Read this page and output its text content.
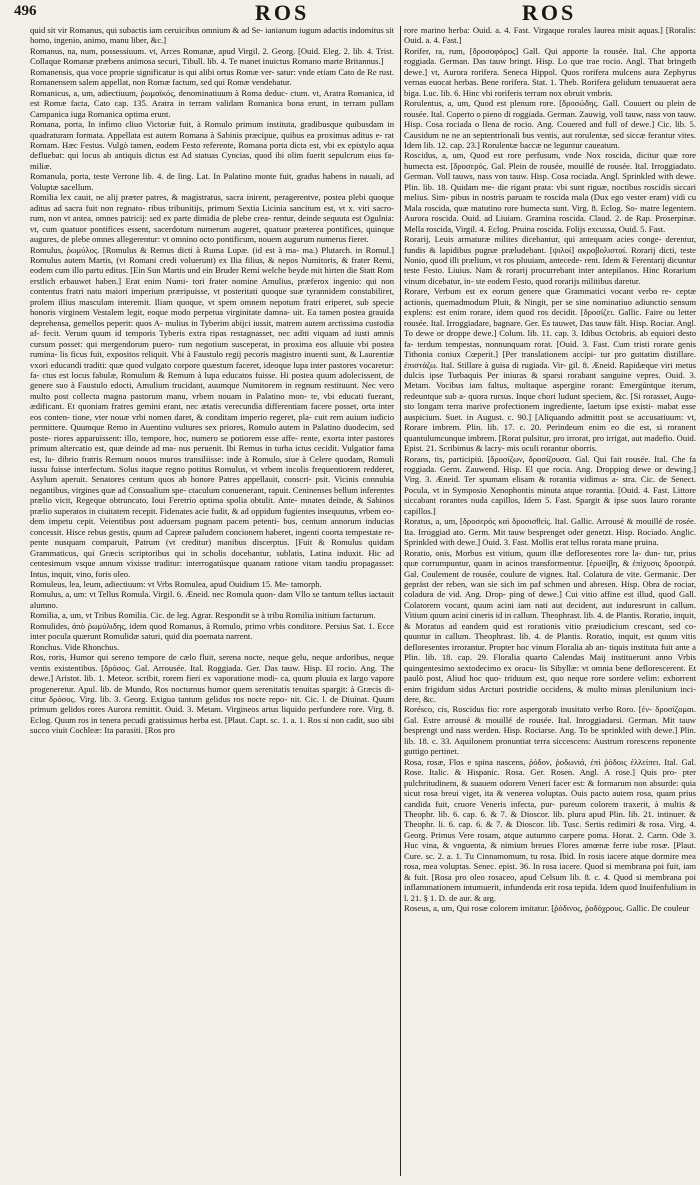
496	ROS	ROS

quid sit vir Romanus, qui subactis iam ceruicibus omnium & ad Se- ianianum iugum adactis indomitus sit homo, ingenio, animo, manu liber, &c.]

Romanus, na, num, possessiuum. vt, Arces Romanæ, apud Virgil. 2. Georg. [Ouid. Eleg. 2. lib. 4. Trist. Collaque Romanæ præbens animosa securi, Tibull. lib. 4. Te manet inuictus Romano marte Britannus.]

Romanensis, qua voce proprie significatur is qui alibi ortus Romæ ver- satur: vnde etiam Cato de Re rust. Romanensem salem appellat, non Romæ factum, sed qui Romæ vendebatur.

Romanicus, a, um, adiectiuum, ῥωμαϊκός, denominatiuum à Roma deduc- ctum. vt, Aratra Romanica, id est Romæ facta, Cato cap. 135. Aratra in terram validam Romanica bona erunt, in terram pullam Campanica iuga Romanica optima erunt.

Romana, porta, In infimo cliuo Victoriæ fuit, à Romulo primum instituta, gradibusque quibusdam in quadraturam formata. Appellata est autem Romana à Sabinis præcipue, quibus ea proximus aditus e- rat Romam. Hæc Festus. Vulgò tamen, eodem Festo referente, Romana porta dicta est, vbi ex epistylo aqua defluebat: qui locus ab antiquis dictus est Ad statuas Cyncias, quod ibi olim fuerit sepulcrum eius fa- miliæ.

Romanula, porta, teste Verrone lib. 4. de ling. Lat. In Palatino monte fuit, gradus habens in nauali, ad Voluptæ sacellum.

Romilia lex cauit, ne alij præter patres, & magistratus, sacra inirent, peragerentve, postea plebi quoque aditus ad sacra fuit non regnato- ribus tribunitijs, primum Sextia Licinia sancitum est, vt x. viri sacro- rum, non vt antea, omnes patricij: sed ex parte dimidia de plebe crea- rentur, deinde sequuta est Ogulnia: vt, cum quatuor pontifices essent, sacerdotum numerum augeret, quatuor præterea pontifices, quinque augures, de plebe omnes allegerentur: vt omnino octo pontificum, nouem augurum numerus fieret.

Romulus, ῥωμύλος. [Romulus & Remus dicti à Ruma Lupæ. (id est à ma- ma.) Plutarch. in Romul.] Romulus autem Martis, (vt Romani credi voluerunt) ex Ilia filius, & nepos Numitoris, & frater Remi, eodem cum illo partu editus. [Ein Sun Martis und ein Bruder Remi welche beyde mit hirten die Statt Rom erstlich erbauwet haben.] Erat enim Numi- tori frater nomine Amulius, præferox ingenio: qui non contentus fratri natu maiori imperium præripuisse, vt posteritati quoque suæ tyrannidem constabiliret, prolem illius masculam interemit. Iliam quoque, vt spem omnem nepotum fratri eriperet, sub specie honoris virginem Vestalem legit, eoque modo perpetua virginitate damna- uit. Ea tamen postea grauida deprehensa, gemellos peperit: quos A- mulius in Tyberim abijci iussit, matrem autem arctissima custodia af- fecit. Verum quum id temporis Tyberis extra ripas restagnasset, nec aditi viquam ad iusti amnis cursum posset: qui mergendorum puero- rum negotium susceperat, in proxima eos alluuie vbi postea rumina- lis ficus fuit, expositos reliquit. Vbi à Faustulo regij pecoris magistro inuenti sunt, & Laurentiæ vxori educandi traditi: quæ quod vulgato corpore quæstum faceret, ideoque lupa inter pastores vocaretur: fa- ctus est locus fabulæ, Romulum & Remum à lupa educatos fuisse. Hi postea quum adolecissent, de genere suo à Faustulo edocti, Amulium trucidant, auumque Numitorem in regnum restituunt. Nec vero multo post collecta magna pastorum manu, vrbem nouam in Palatino mon- te, vbi educati fuerant, ædificant. Et quoniam fratres gemini erant, nec ætatis verecundia differentiam facere posset, orta inter eos conten- tione, vter nouæ vrbi nomen daret, & conditam imperio regeret, pla- cuit rem auium iudicio permittere. Quumque Remo in Auentino vultures sex priores, Romulo autem in Palatino duodecim, sed poste- riores apparuissent: illo, tempore, hoc, numero se potiorem esse affe- rente, exorta inter pastores primum altercatio est, quæ deinde ad ma- nus peruenit. Ibi Remus in turba ictus cecidit. Vulgatior fama est, lu- dibrio fratris Remum nouos muros transiliisse: inde à Romulo, siue à Celere quodam, Romuli iussu fuisse interfectum. Solus itaque regno potitus Romulus, vt vrbem incolis frequentiorem redderet, Asylum aperuit. Senatores centum quos ab honore Patres appellauit, conscri- psit. Vicinis connubia negantibus, virgines quæ ad Consualium spe- ctaculum conuenerant, rapuit. Ceninenses bellum inferentes prælio vicit, Regeque obtruncato, Ioui Feretrio optima spolia obtulit. Ante- mnates deinde, & Sabinos prælio superatos in ciuitatem recepit. Fidenates acie fudit, & ad oppidum fugientes insequutus, vrbem eo- dem impetu cepit. Veientibus post aduersam pugnam pacem petenti- bus, centum annorum inducias concessit. Hisce rebus gestis, quum ad Capreæ paludem concionem haberet, ingenti coorta tempestate re- pente nusquam comparuit, Patrum (vt creditur) manibus discerptus. [Fuit & Romulus quidam Grammaticus, qui Græcis scriptoribus qui in scholis docebantur, sublatis, Latina induxit. Hic ad centesimum vsque annum vixisse traditur: interrogatúsque quanam ratione vitam tandiu propagasset: Intus, inquit, vino, foris oleo.

Romuleus, lea, leum, adiectiuum: vt Vrbs Romulea, apud Ouidium 15. Me- tamorph.

Romulus, a, um: vt Tellus Romula. Virgil. 6. Æneid. nec Romula quon- dam Vllo se tantum tellus iactauit alumno.

Romilia, a, um, vt Tribus Romilia. Cic. de leg. Agrar. Respondit se à tribu Romilia initium facturum.

Romulides, ἀπὸ ῥωμύλιδης, idem quod Romanus, à Romulo, primo vrbis conditore. Persius Sat. 1. Ecce inter pocula quærunt Romulidæ saturi, quid dia poemata narrent.

Ronchus. Vide Rhonchus.

Ros, roris, Humor qui sereno tempore de cælo fluit, serena nocte, neque gelu, neque ardoribus, neque ventis existentibus. [δρόσος. Gal. Arrousée. Ital. Roggiada. Ger. Das tauw. Hisp. El rocio. Ang. The dewe.] Aristot. lib. 1. Meteor. scribit, rorem fieri ex vaporatione modi- ca, quum pluuia ex largo vapore progeneretur. Apul. lib. de Mundo, Ros nocturnus humor quem serenitatis tenuitas spargit: à Græcis di- citur δρόσος. Virg. lib. 3. Georg. Exigua tantum gelidus ros nocte repo- nit. Cic. l. de Diuinat. Quum primum gelidos rores Aurora remittit. Ouid. 3. Metam. Virgineos artus liquido perfundere rore. Virg. 8. Eclog. Quum ros in tenera pecudi gratissimus herba est. [Plaut. Capt. sc. 1. a. 1. Ros si non cadit, suo sibi succo viuit Cochleæ: Ita parasiti. [Ros pro

rore marino herba: Ouid. a. 4. Fast. Virgaque rorales laurea misit aquas.] [Roralis: Ouid. a. 4. Fast.]

Rorifer, ra, rum, [δροσοφόρος] Gall. Qui apporte la rousée. Ital. Che apporta roggiada. German. Das tauw bringt. Hisp. Lo que trae rocio. Angl. That bringeth dewe.] vt, Aurora rorifera. Seneca Hippol. Quos rorifera mulcens aura Zephyrus vernas euocat herbas. Bene rorifera. Stat. 1. Theb. Rorifera gelidum tenuauerat aera biga. Luc. lib. 6. Hinc vbi roriferis terram nox obruit vmbris.

Rorulentus, a, um, Quod est plenum rore. [δροσώδης. Gall. Couuert ou plein de rousée. Ital. Coperto o pieno di roggiada. German. Zauwig, voll tauw, nass von tauw. Hisp. Cosa rociada o llena de rocio. Ang. Couered and full of dewe.] Cic. lib. 5. Causidum ne ne an septentrionali bus ventis, aut rorulentæ, sed siccæ ferantur vites. Idem lib. 12. cap. 23.] Rorulentæ baccæ ne leguntur caueatum.

Roscidus, a, um, Quod est rore perfusum, vnde Nox roscida, dicitur quæ rore humecta est. [δροσερός. Gal. Plein de rousée, mouillé de rousée. Ital. Irroggiadato. German. Voll tauws, nass von tauw. Hisp. Cosa rociada. Angl. Sprinkled with dewe. Plin. lib. 18. Quidam me- die rigant prata: vbi sunt riguæ, noctibus roscidis siccari melius. Sim- pibus in nostris paruam te roscida mala (Dux ego vester eram) vidi cu Mala roscida, quæ matutino rore humecta sunt. Virg. 8. Eclog. So- matre legentem. Aurora roscida. Ouid. ad Liuiam. Gramina roscida. Claud. 2. de Rap. Proserpinæ. Mella roscida, Virgil. 4. Eclog. Pruina roscida. Folijs excussa, Ouid. 5. Fast.

Rorarij, Leuis armaturæ milites dicebantur, qui antequam acies conge- derentur, fundis & lapidibus pugnæ præludebant. [ψιλοί] ακροβολισταί. Rorarij dicti, teste Nonio, quod illi prælium, vt ros pluuiam, antecede- rent. Idem & Ferentarij dicuntur teste Festo. Liuius. Nam & rorarij procurrebant inter antepilanos. Hinc Rorarium vinum dicebatur, in- ste eodem Festo, quod rorarijs militibus daretur.

Rorare, Verbum est ex eorum genere quæ Grammatici vocant verbo re- ceptæ actionis, quemadmodum Pluit, & Ningit, per se sine nominatiuo adiunctio sensum explens: est enim rorare, idem quod ros decidit. [δροσίζει. Gallic. Faire ou letter rousée. Ital. Irroggiadare, bagnare. Ger. Es tauwet, Das tauw fält. Hisp. Rociar. Angl. To dewe or droppe dewe.] Colum. lib. 11. cap. 3. Idibus Octobris. ab equiori desto fa- terdum tempestas, nonnunquam rorat. [Ouid. 3. Fast. Cum tristi rorare genis Tithonia coniux Cœperit.] [Per translationem accipi- tur pro guttatim distillare. ἐπιστάζω. Ital. Stillare à guisa di rugiada. Vir- gil. 8. Æneid. Rapidæque viri metus dulcis ipse Turbaquis Per iniuras & sparsi rorabant sanguine vepres. Ouid. 3. Metam. Vocibus iam faltus, multaque aspergine rorant: Emergúntque iterum, redeuntque sub a- quora rursus. Inque chori ludunt speciem, &c. [Si rorasset, Augu- sto longam terra marive profectionem ingrediente, laetum ipse existi- mabat esse auspicium. Suet. in August. c. 90.] [Aliquando admittit post se accusatiuum: vt, Rorare imbrem. Plin. lib. 17. c. 20. Perindeum enim eo die est, si roranent quantulumcunque imbrem. [Rorat pulsitur, pro irrorat, pro irrigat, aut madefio. Ouid. Epist. 21. Scribimus & lacry- mis oculi rorantur oborris.

Rorans, tis, participiú. [δροσίζων, δροσίζουσα. Gal. Qui fait rousée. Ital. Che fa roggiada. Germ. Zauwend. Hisp. El que rocia. Ang. Dropping dewe or dewing.] Virg. 3. Æneid. Ter spumam elisam & rorantia vidimus a- stra. Cic. de Senect. Pocula, vt in Symposio Xenophontis minuta atque rorantia. [Ouid. 4. Fast. Littore siccabant rorantes nuda capillos, Idem 5. Fast. Spargit & ipse suos lauro rorante capillos.]

Roratus, a, um, [δροσερός καὶ δροσισθείς. Ital. Gallic. Arrousé & mouillé de rosée. Ita. Irroggiad ato. Germ. Mit tauw besprenget oder genetzt. Hisp. Rociado. Anglic. Sprinkled with dewe.] Ouid. 3. Fast. Mollis erat tellus rorata mane pruina.

Roratio, onis, Morbus est vitium, quum illæ defloresentes rore la- dun- tur, prius quæ corrumpuntur, quam in acinos transformentur. [ἐρυσίβη, & ἐπίχυσις δροσερά. Gal. Coulement de rousée, coulure de vignes. Ital. Colatura de vite. Germanic. Der gepräst der reben, wan sie sich im paf schmen und abresen. Hisp. Obra de rociar, coladura de vid. Ang. Drop- ping of dewe.] Cui vitio affine est illud, quod Gall. Colatorem vocant, quum acini iam nati aut decident, aut induresrunt in callum. Vitium quum acini cineris id in callum. Theophrast. lib. 4. de Plantis. Roratio, inquit, & Moratus ad eandem quid est rorationis vitio præiudicium crescant, sed co- quuntur in callum. Theophrast. lib. 4. de Plantis. Roratio, inquit, est quum vitis defloresentes irrorantur. Propter hoc vinum Floralia ab an- tiquis instituta fuit ante a Plin. lib. 18. cap. 29. Floralia quarto Calendas Maij instituerunt anno Vrbis quingentesimo sextodecimo ex oracu- lis Sibyllæ: vt omnia bene deflorescerent. Et paulò post, Aliud hoc quo- triduum est, quo neque rore sordere velim: exhorrent enim frigidum sidus Arcturi postridie occidens, & multo minus plenilunium inci- dere, &c.

Rorésco, cis, Roscidus fio: rore aspergorab inusitato verbo Roro. [ἐν- δροσίζομαι. Gal. Estre arrousé & mouillé de rousée. Ital. Inroggiadarsi. German. Mit tauw besprengt und nass werden. Hisp. Rociarse. Ang. To be sprinkled with dewe.] Plin. lib. 18. c. 33. Aquilonem pronuntiat terra siccescens: Austrum rorescens reponente guttigo pertinet.

Rosa, rosæ, Flos e spina nascens, ῥόδον, ῥοδωνιά, ἐπὶ ῥόδοις ἐλλείπει. Ital. Gal. Rose. Italic. & Hispanic. Rosa. Ger. Rosen. Angl. A rose.] Quis pro- pter pulchritudinem, & suauem odorem Veneri facer est: & formarum non absurde: quia sicut rosa breui viget, ita & venerea voluptas. Ouis pacto autem rosa, quam prius candida fuit, cruore Veneris infecta, pur- pureum colorem traxerit, à multis & Theophr. lib. 6. cap. 6. & 7. & Dioscor. lib. plura apud Plin. lib. 21. intinuer. & Theophr. li. 6. cap. 6. & 7. & Dioscor. lib. Tusc. Sertis redimiri & rosa. Virg. 4. Georg. Primus Vere rosam, atque autumno carpere poma. Horat. 2. Carm. Ode 3. Huc vina, & vnguenta, & nimium breues Flores amœnæ ferre iube rosæ. [Plaut. Cure. sc. 2. a. 1. Tu Cinnamomum, tu rosa. Ibid. In rosis iacere atque dormire mea rosa, mea voluptas. Senec. epist. 36. In rosa iacere. Quod si membrana poi fuit, iam & fuit. [Rosa pro oleo rosaceo, apud Celsum lib. 8. c. 4. Quod si membrana poi inflammationem intumuerit, infundenda erit rosa tepida. Idem quod Inuifenfulium in l. 21. § 1. D. de aur. & arg.

Roseus, a, um, Qui rosæ colorem imitatur. [ῥόδινος, ῥοδόχρους. Gallic. De couleur
